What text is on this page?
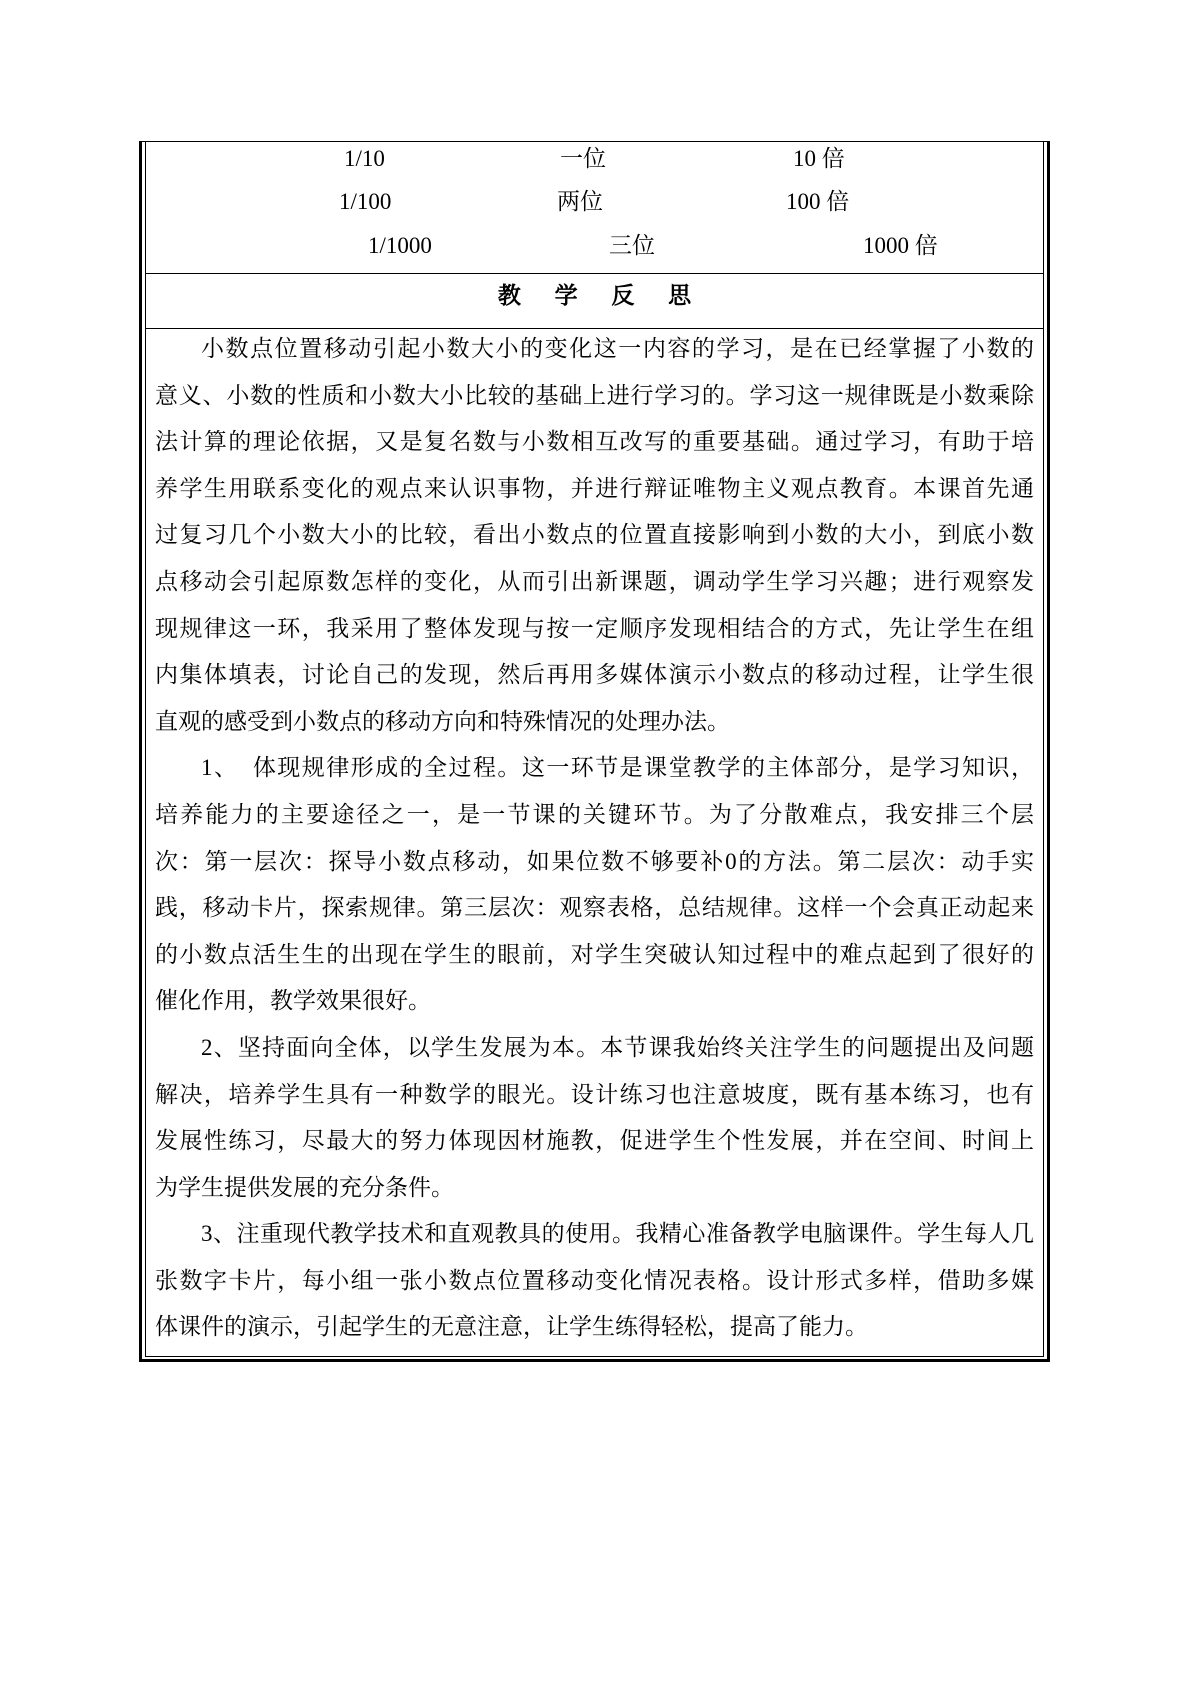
1/10	一位	10 倍
1/100	两位	100 倍
1/1000	三位	1000 倍
教 学 反 思
小数点位置移动引起小数大小的变化这一内容的学习，是在已经掌握了小数的
意义、小数的性质和小数大小比较的基础上进行学习的。学习这一规律既是小数乘除
法计算的理论依据，又是复名数与小数相互改写的重要基础。通过学习，有助于培
养学生用联系变化的观点来认识事物，并进行辩证唯物主义观点教育。本课首先通
过复习几个小数大小的比较，看出小数点的位置直接影响到小数的大小，到底小数
点移动会引起原数怎样的变化，从而引出新课题，调动学生学习兴趣；进行观察发
现规律这一环，我采用了整体发现与按一定顺序发现相结合的方式，先让学生在组
内集体填表，讨论自己的发现，然后再用多媒体演示小数点的移动过程，让学生很
直观的感受到小数点的移动方向和特殊情况的处理办法。
1、  体现规律形成的全过程。这一环节是课堂教学的主体部分，是学习知识，
培养能力的主要途径之一，是一节课的关键环节。为了分散难点，我安排三个层
次：第一层次：探导小数点移动，如果位数不够要补0的方法。第二层次：动手实
践，移动卡片，探索规律。第三层次：观察表格，总结规律。这样一个会真正动起来
的小数点活生生的出现在学生的眼前，对学生突破认知过程中的难点起到了很好的
催化作用，教学效果很好。
2、坚持面向全体，以学生发展为本。本节课我始终关注学生的问题提出及问题
解决，培养学生具有一种数学的眼光。设计练习也注意坡度，既有基本练习，也有
发展性练习，尽最大的努力体现因材施教，促进学生个性发展，并在空间、时间上
为学生提供发展的充分条件。
3、注重现代教学技术和直观教具的使用。我精心准备教学电脑课件。学生每人几
张数字卡片，每小组一张小数点位置移动变化情况表格。设计形式多样，借助多媒
体课件的演示，引起学生的无意注意，让学生练得轻松，提高了能力。
